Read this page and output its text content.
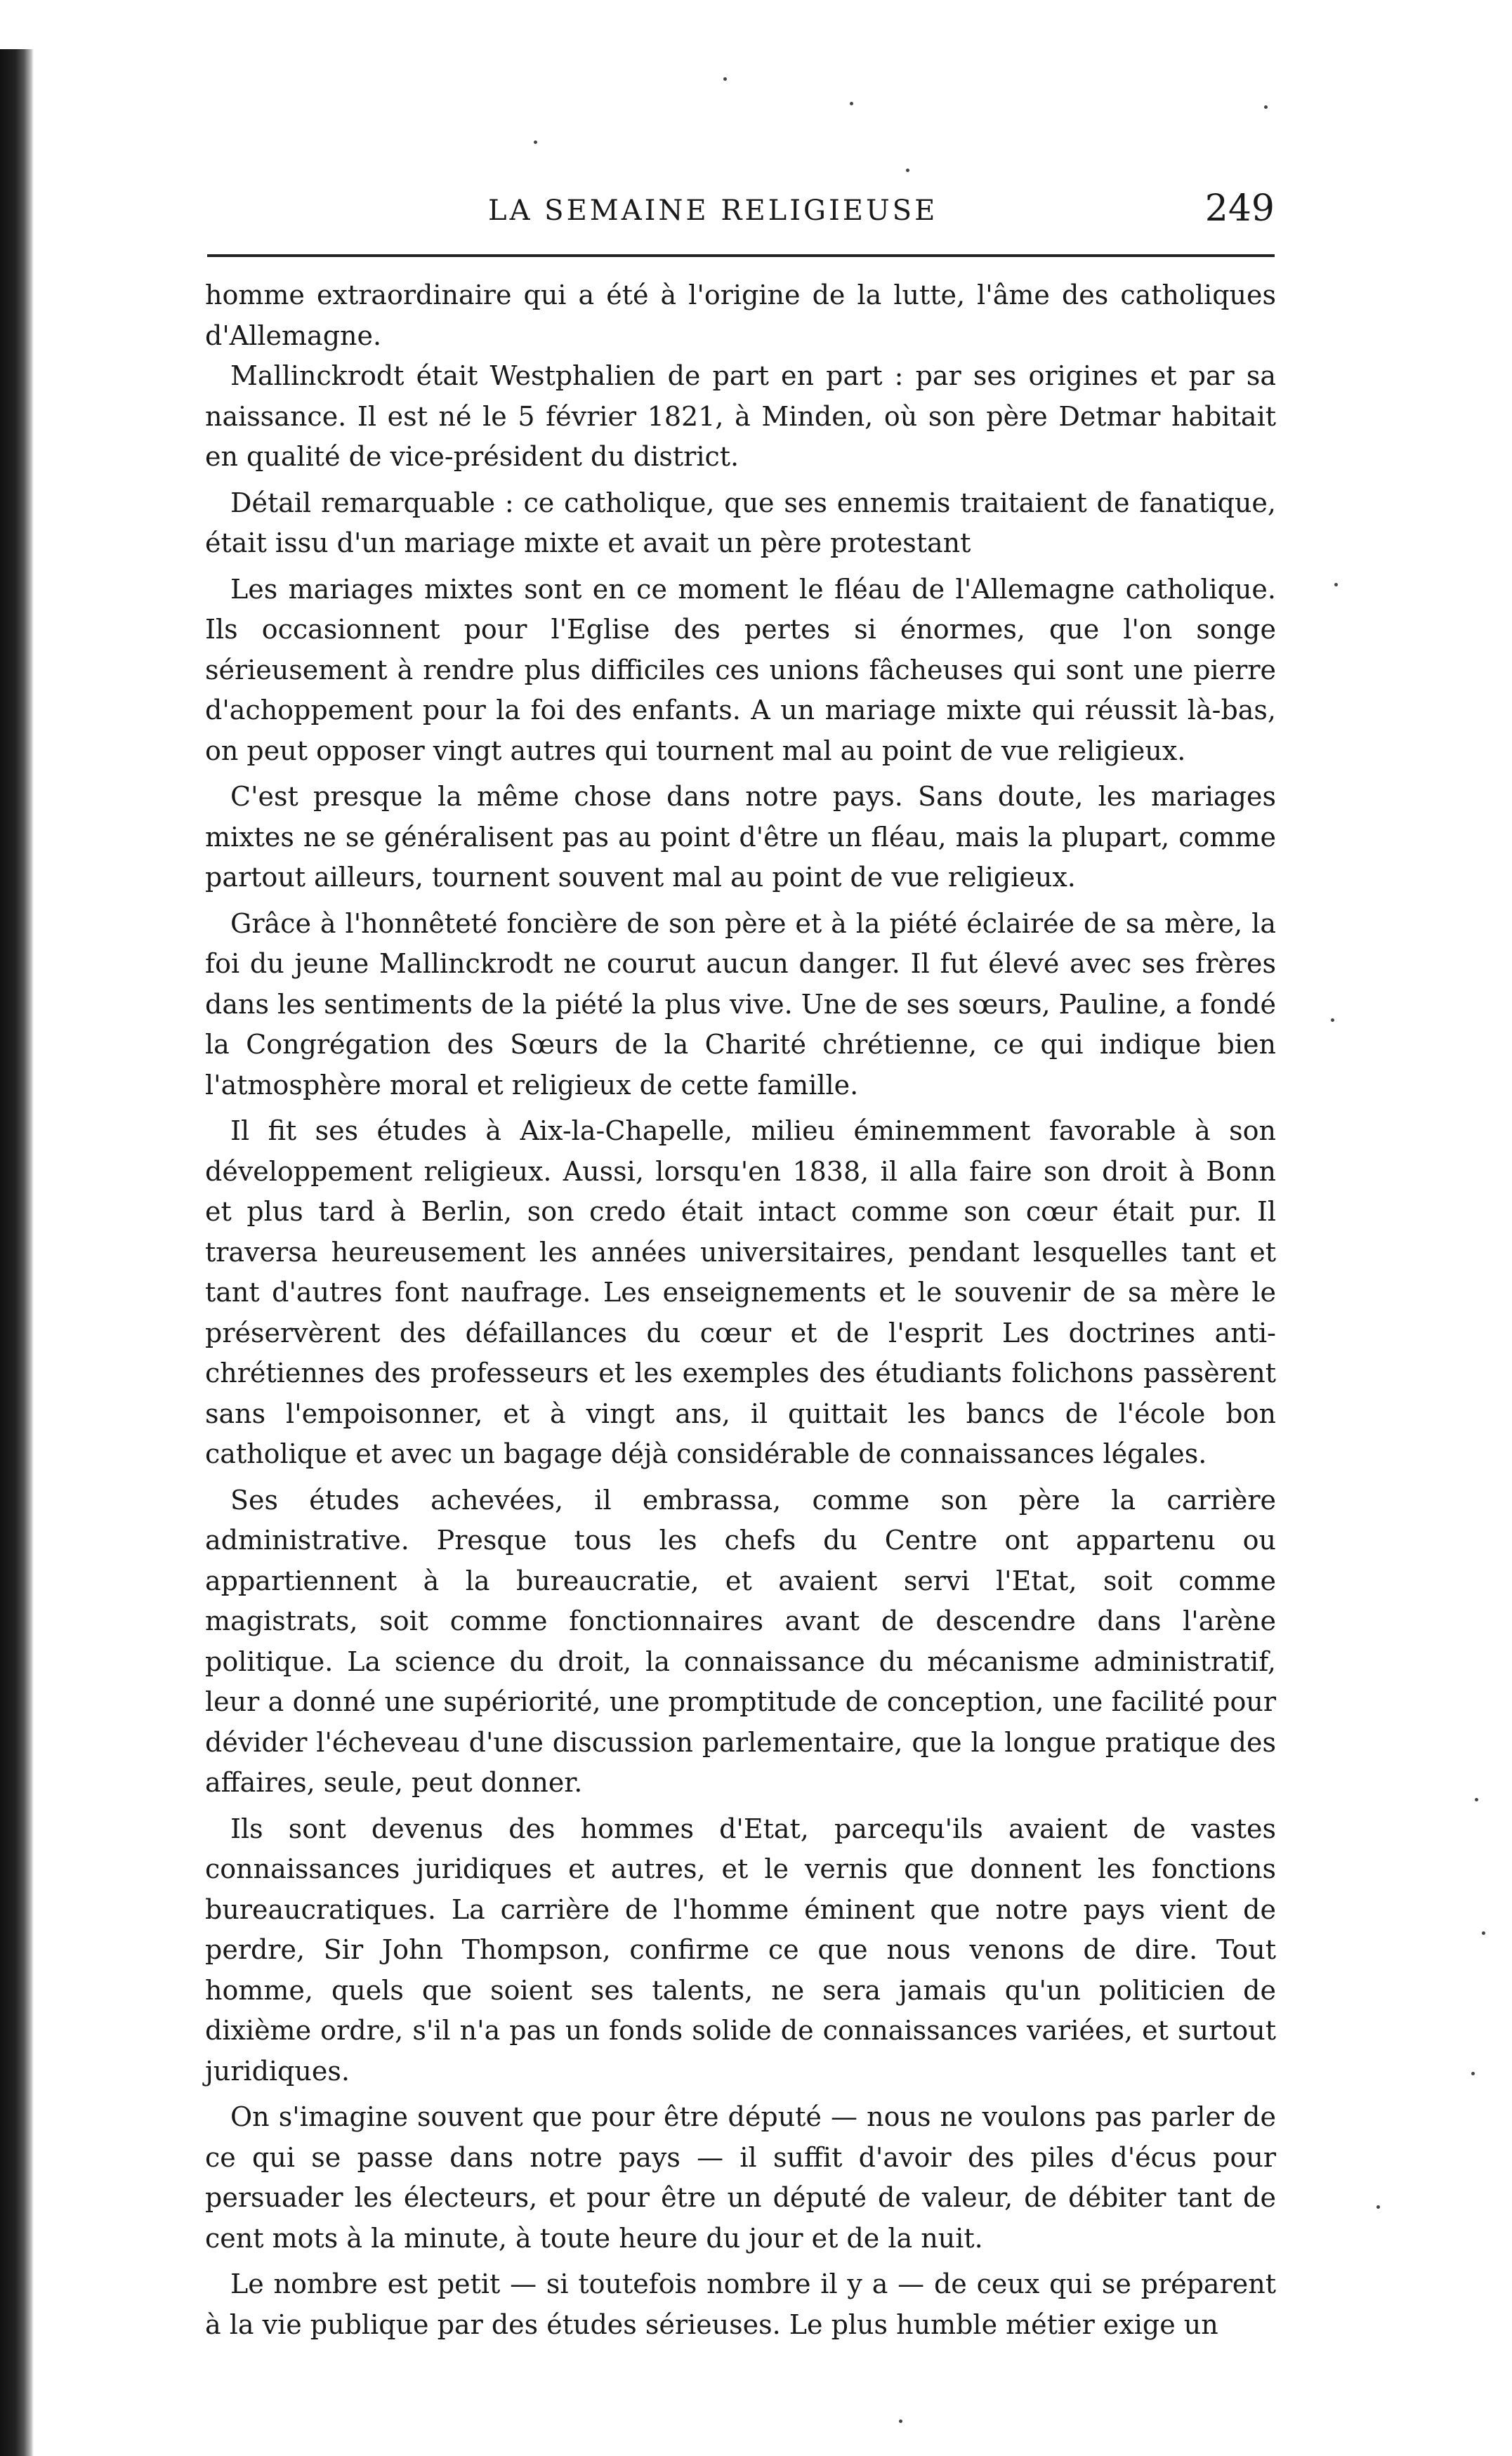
LA SEMAINE RELIGIEUSE	249

homme extraordinaire qui a été à l'origine de la lutte, l'âme des catholiques d'Allemagne.

Mallinckrodt était Westphalien de part en part : par ses origines et par sa naissance. Il est né le 5 février 1821, à Minden, où son père Detmar habitait en qualité de vice-président du district.

Détail remarquable : ce catholique, que ses ennemis traitaient de fanatique, était issu d'un mariage mixte et avait un père protestant

Les mariages mixtes sont en ce moment le fléau de l'Allemagne catholique. Ils occasionnent pour l'Eglise des pertes si énormes, que l'on songe sérieusement à rendre plus difficiles ces unions fâcheuses qui sont une pierre d'achoppement pour la foi des enfants. A un mariage mixte qui réussit là-bas, on peut opposer vingt autres qui tournent mal au point de vue religieux.

C'est presque la même chose dans notre pays. Sans doute, les mariages mixtes ne se généralisent pas au point d'être un fléau, mais la plupart, comme partout ailleurs, tournent souvent mal au point de vue religieux.

Grâce à l'honnêteté foncière de son père et à la piété éclairée de sa mère, la foi du jeune Mallinckrodt ne courut aucun danger. Il fut élevé avec ses frères dans les sentiments de la piété la plus vive. Une de ses sœurs, Pauline, a fondé la Congrégation des Sœurs de la Charité chrétienne, ce qui indique bien l'atmosphère moral et religieux de cette famille.

Il fit ses études à Aix-la-Chapelle, milieu éminemment favorable à son développement religieux. Aussi, lorsqu'en 1838, il alla faire son droit à Bonn et plus tard à Berlin, son credo était intact comme son cœur était pur. Il traversa heureusement les années universitaires, pendant lesquelles tant et tant d'autres font naufrage. Les enseignements et le souvenir de sa mère le préservèrent des défaillances du cœur et de l'esprit Les doctrines anti-chrétiennes des professeurs et les exemples des étudiants folichons passèrent sans l'empoisonner, et à vingt ans, il quittait les bancs de l'école bon catholique et avec un bagage déjà considérable de connaissances légales.

Ses études achevées, il embrassa, comme son père la carrière administrative. Presque tous les chefs du Centre ont appartenu ou appartiennent à la bureaucratie, et avaient servi l'Etat, soit comme magistrats, soit comme fonctionnaires avant de descendre dans l'arène politique. La science du droit, la connaissance du mécanisme administratif, leur a donné une supériorité, une promptitude de conception, une facilité pour dévider l'écheveau d'une discussion parlementaire, que la longue pratique des affaires, seule, peut donner.

Ils sont devenus des hommes d'Etat, parcequ'ils avaient de vastes connaissances juridiques et autres, et le vernis que donnent les fonctions bureaucratiques. La carrière de l'homme éminent que notre pays vient de perdre, Sir John Thompson, confirme ce que nous venons de dire. Tout homme, quels que soient ses talents, ne sera jamais qu'un politicien de dixième ordre, s'il n'a pas un fonds solide de connaissances variées, et surtout juridiques.

On s'imagine souvent que pour être député — nous ne voulons pas parler de ce qui se passe dans notre pays — il suffit d'avoir des piles d'écus pour persuader les électeurs, et pour être un député de valeur, de débiter tant de cent mots à la minute, à toute heure du jour et de la nuit.

Le nombre est petit — si toutefois nombre il y a — de ceux qui se préparent à la vie publique par des études sérieuses. Le plus humble métier exige un
